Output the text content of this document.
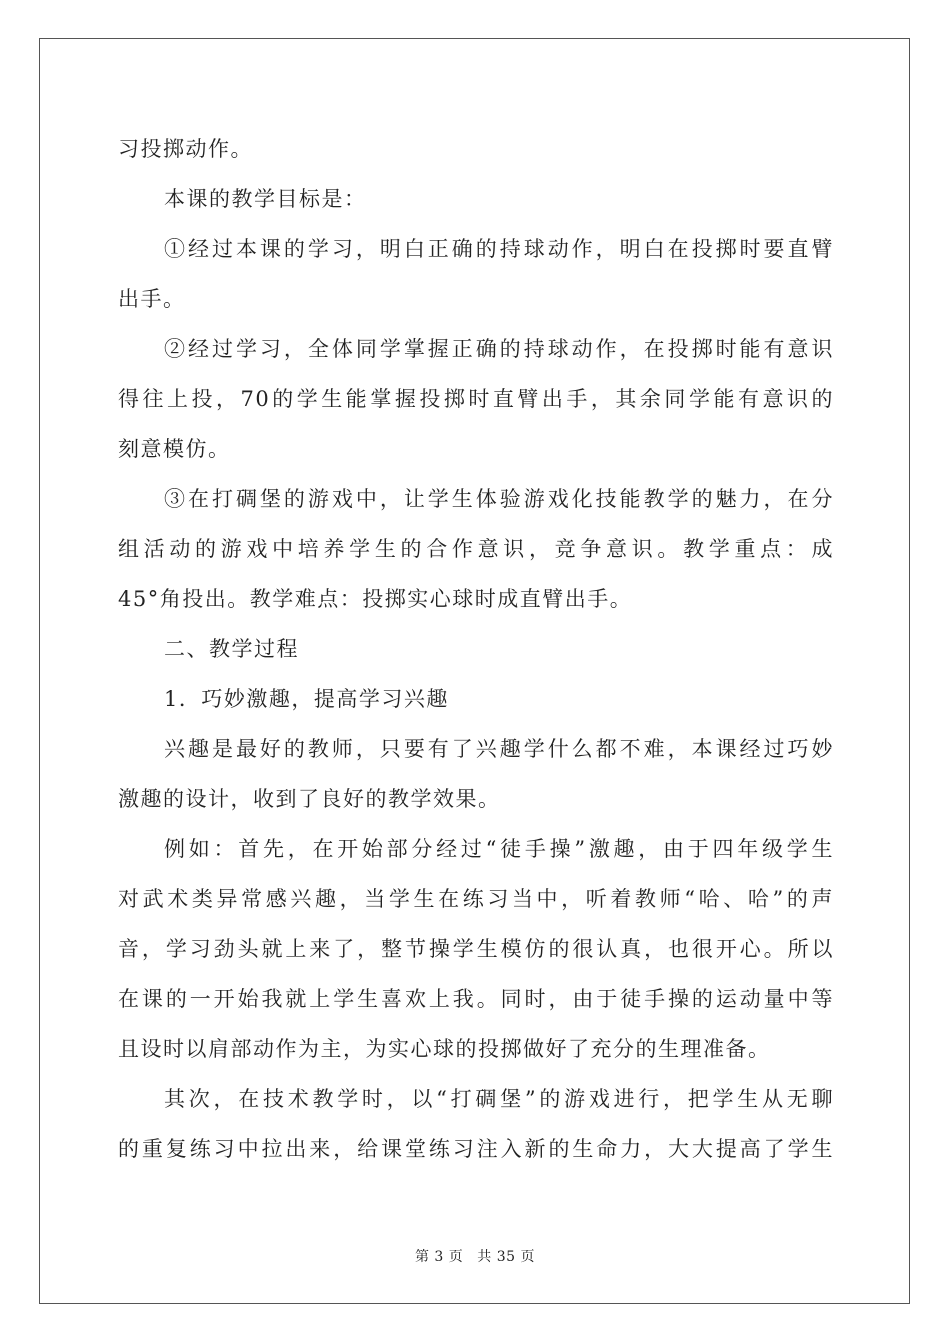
习投掷动作。
本课的教学目标是：
①经过本课的学习，明白正确的持球动作，明白在投掷时要直臂
出手。
②经过学习，全体同学掌握正确的持球动作，在投掷时能有意识
得往上投，70的学生能掌握投掷时直臂出手，其余同学能有意识的
刻意模仿。
③在打碉堡的游戏中，让学生体验游戏化技能教学的魅力，在分
组活动的游戏中培养学生的合作意识，竞争意识。教学重点：成
45°角投出。教学难点：投掷实心球时成直臂出手。
二、教学过程
1．巧妙激趣，提高学习兴趣
兴趣是最好的教师，只要有了兴趣学什么都不难，本课经过巧妙
激趣的设计，收到了良好的教学效果。
例如：首先，在开始部分经过“徒手操”激趣，由于四年级学生
对武术类异常感兴趣，当学生在练习当中，听着教师“哈、哈”的声
音，学习劲头就上来了，整节操学生模仿的很认真，也很开心。所以
在课的一开始我就上学生喜欢上我。同时，由于徒手操的运动量中等
且设时以肩部动作为主，为实心球的投掷做好了充分的生理准备。
其次，在技术教学时，以“打碉堡”的游戏进行，把学生从无聊
的重复练习中拉出来，给课堂练习注入新的生命力，大大提高了学生
第 3 页 共 35 页
